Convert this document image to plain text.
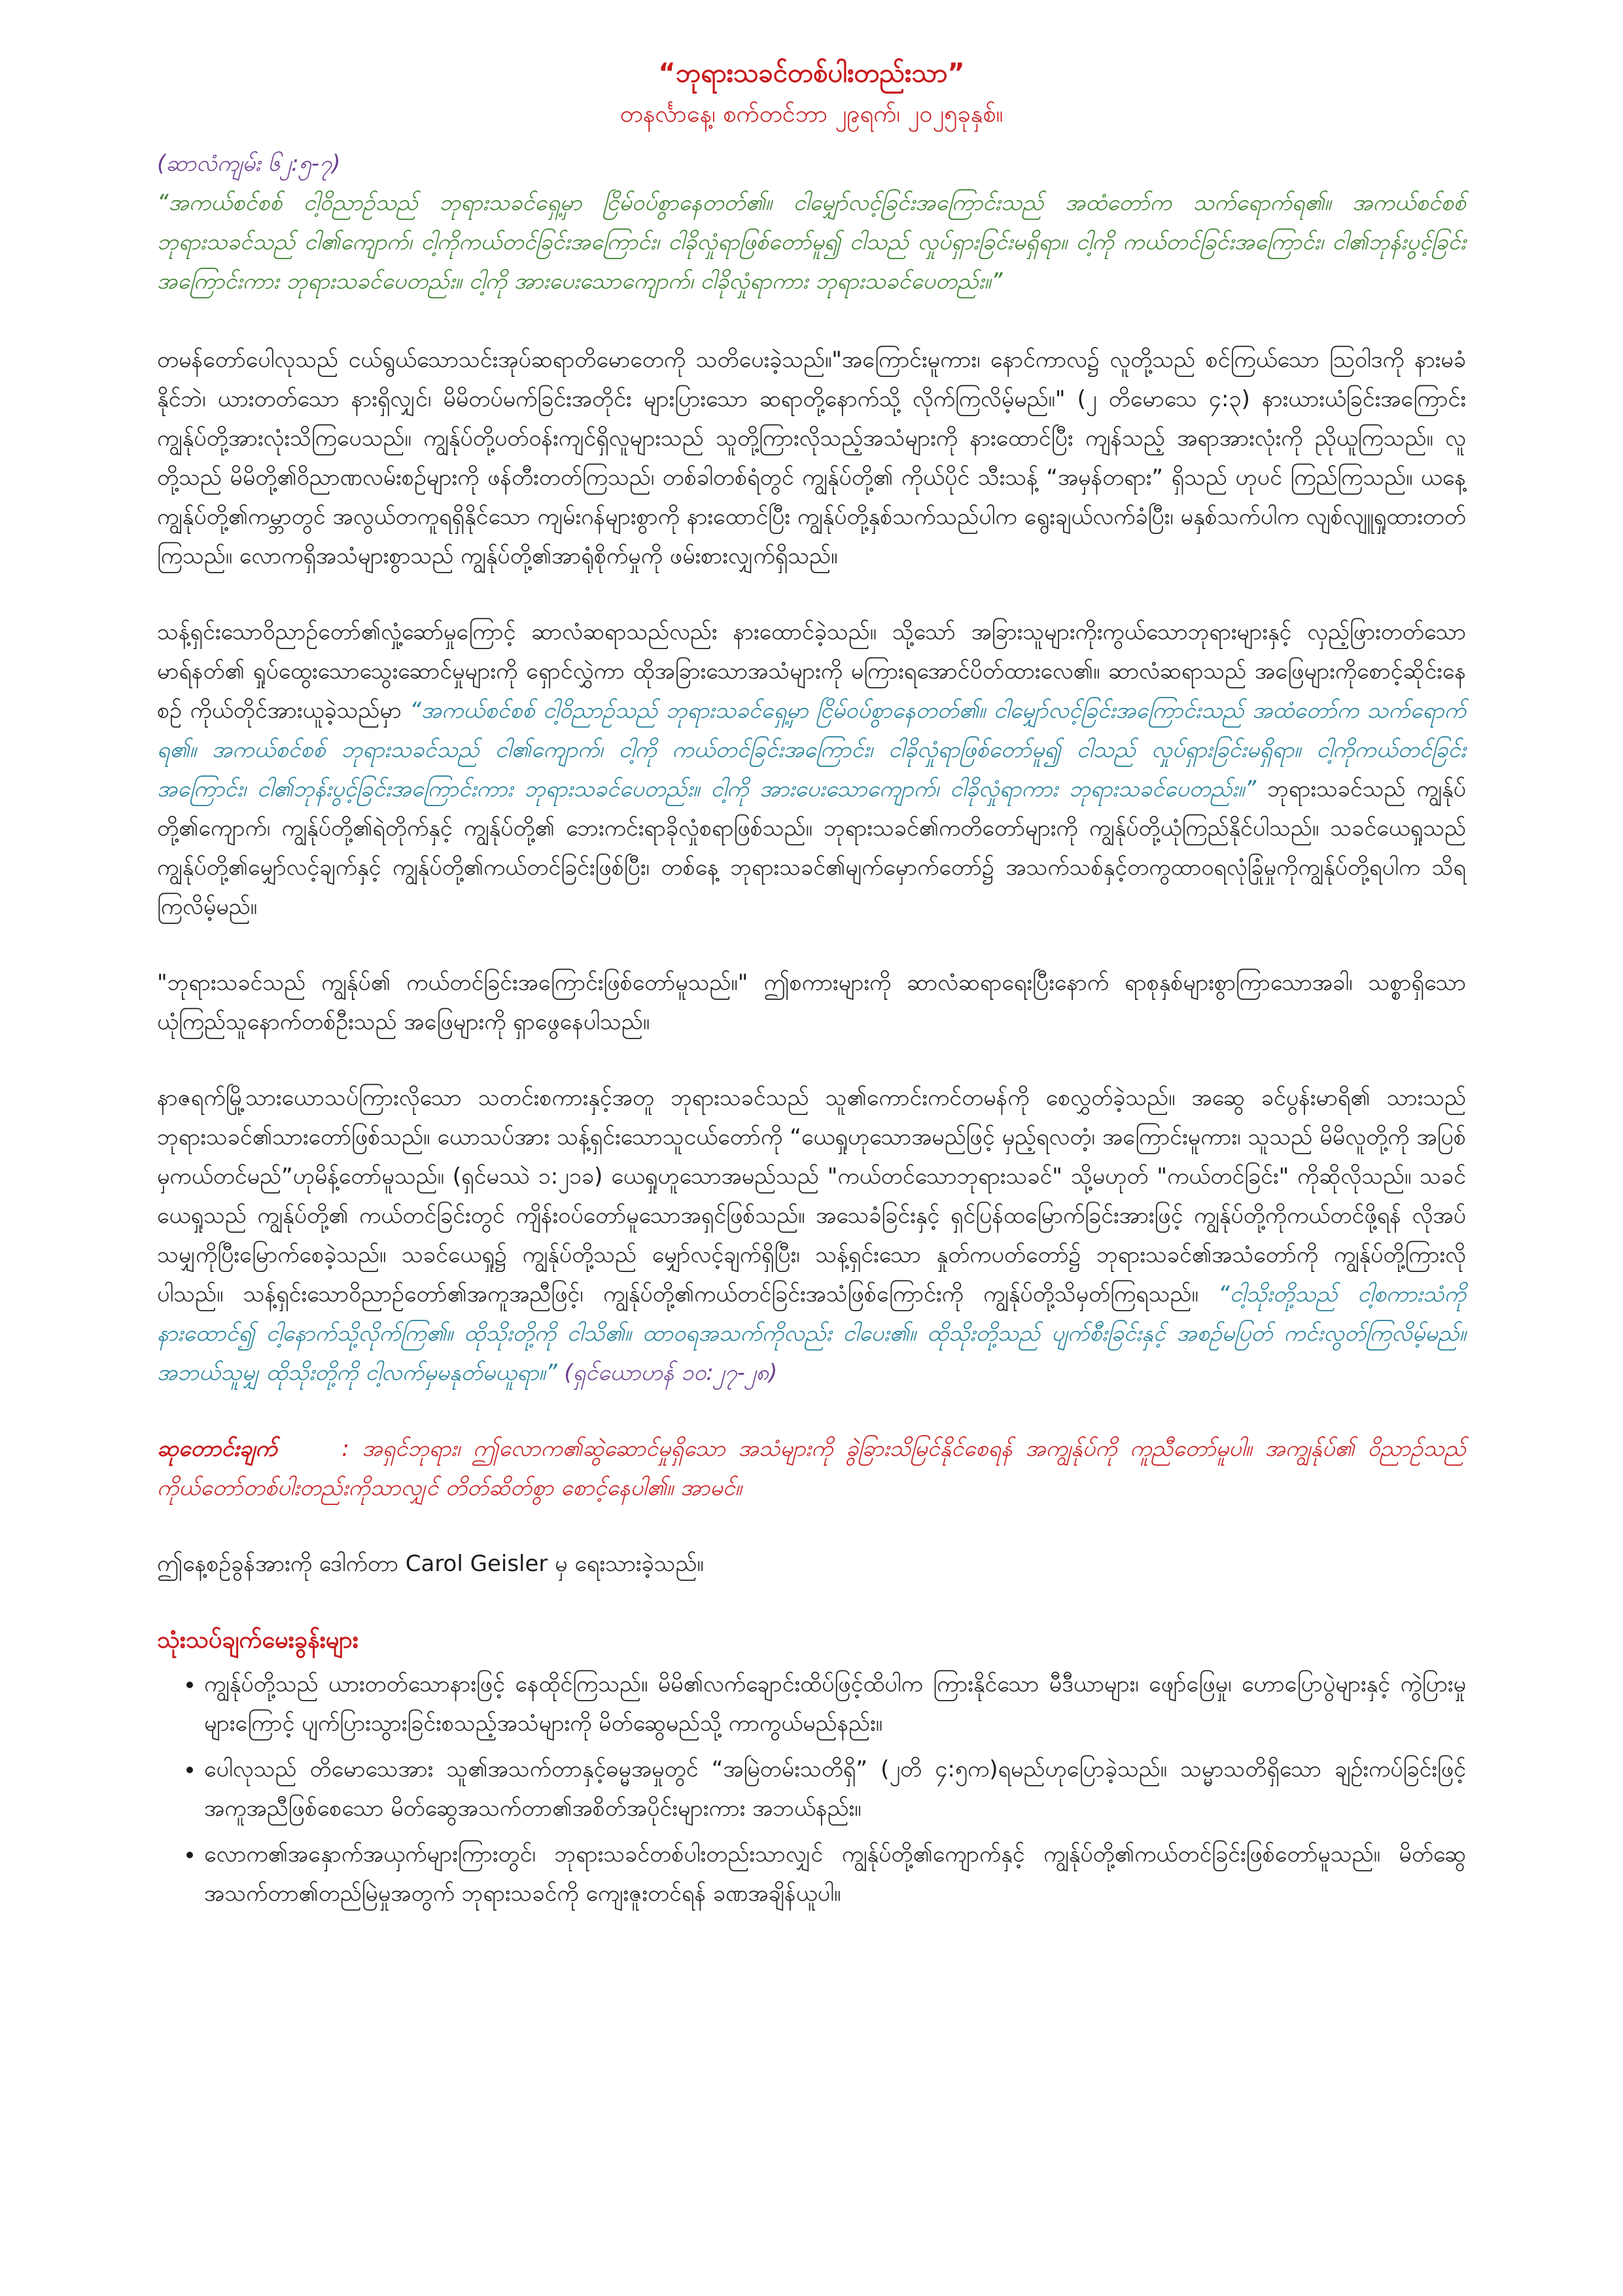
“ဘုရားသခင်တစ်ပါးတည်းသာ”
တနင်္လာနေ့၊ စက်တင်ဘာ ၂၉ရက်၊ ၂၀၂၅ခုနှစ်။

(ဆာလံကျမ်း ၆၂:၅-၇)
“အကယ်စင်စစ် ငါ့ဝိညာဉ်သည် ဘုရားသခင်ရှေ့မှာ ငြိမ်ဝပ်စွာနေတတ်၏။ ငါမျှော်လင့်ခြင်းအကြောင်းသည် အထံတော်က သက်ရောက်ရ၏။ အကယ်စင်စစ် ဘုရားသခင်သည် ငါ၏ကျောက်၊ ငါ့ကိုကယ်တင်ခြင်းအကြောင်း၊ ငါခိုလှုံရာဖြစ်တော်မူ၍ ငါသည် လှုပ်ရှားခြင်းမရှိရာ။ ငါ့ကို ကယ်တင်ခြင်းအကြောင်း၊ ငါ၏ဘုန်းပွင့်ခြင်းအကြောင်းကား ဘုရားသခင်ပေတည်း။ ငါ့ကို အားပေးသောကျောက်၊ ငါခိုလှုံရာကား ဘုရားသခင်ပေတည်း။”

တမန်တော်ပေါလုသည် ငယ်ရွယ်သောသင်းအုပ်ဆရာတိမောတေကို သတိပေးခဲ့သည်။"အကြောင်းမူကား၊ နောင်ကာလ၌ လူတို့သည် စင်ကြယ်သော ဩဝါဒကို နားမခံနိုင်ဘဲ၊ ယားတတ်သော နားရှိလျှင်၊ မိမိတပ်မက်ခြင်းအတိုင်း များပြားသော ဆရာတို့နောက်သို့ လိုက်ကြလိမ့်မည်။" (၂ တိမောသေ ၄:၃) နားယားယံခြင်းအကြောင်း ကျွန်ုပ်တို့အားလုံးသိကြပေသည်။ ကျွန်ုပ်တို့ပတ်ဝန်းကျင်ရှိလူများသည် သူတို့ကြားလိုသည့်အသံများကို နားထောင်ပြီး ကျန်သည့် အရာအားလုံးကို ညိုယူကြသည်။ လူတို့သည် မိမိတို့၏ဝိညာဏလမ်းစဉ်များကို ဖန်တီးတတ်ကြသည်၊ တစ်ခါတစ်ရံတွင် ကျွန်ုပ်တို့၏ ကိုယ်ပိုင် သီးသန့် “အမှန်တရား” ရှိသည် ဟုပင် ကြည်ကြသည်။ ယနေ့ကျွန်ုပ်တို့၏ကမ္ဘာတွင် အလွယ်တကူရရှိနိုင်သော ကျမ်းဂန်များစွာကို နားထောင်ပြီး ကျွန်ုပ်တို့နှစ်သက်သည်ပါက ရွေးချယ်လက်ခံပြီး၊ မနှစ်သက်ပါက လျစ်လျူရှုထားတတ်ကြသည်။ လောကရှိအသံများစွာသည် ကျွန်ုပ်တို့၏အာရုံစိုက်မှုကို ဖမ်းစားလျှက်ရှိသည်။

သန့်ရှင်းသောဝိညာဉ်တော်၏လှုံ့ဆော်မှုကြောင့် ဆာလံဆရာသည်လည်း နားထောင်ခဲ့သည်။ သို့သော် အခြားသူများကိုးကွယ်သောဘုရားများနှင့် လှည့်ဖြားတတ်သောမာရ်နတ်၏ ရှုပ်ထွေးသောသွေးဆောင်မှုများကို ရှောင်လွှဲကာ ထိုအခြားသောအသံများကို မကြားရအောင်ပိတ်ထားလေ၏။ ဆာလံဆရာသည် အဖြေများကိုစောင့်ဆိုင်းနေစဉ် ကိုယ်တိုင်အားယူခဲ့သည်မှာ “အကယ်စင်စစ် ငါ့ဝိညာဉ်သည် ဘုရားသခင်ရှေ့မှာ ငြိမ်ဝပ်စွာနေတတ်၏။ ငါမျှော်လင့်ခြင်းအကြောင်းသည် အထံတော်က သက်ရောက်ရ၏။ အကယ်စင်စစ် ဘုရားသခင်သည် ငါ၏ကျောက်၊ ငါ့ကို ကယ်တင်ခြင်းအကြောင်း၊ ငါခိုလှုံရာဖြစ်တော်မူ၍ ငါသည် လှုပ်ရှားခြင်းမရှိရာ။ ငါ့ကိုကယ်တင်ခြင်းအကြောင်း၊ ငါ၏ဘုန်းပွင့်ခြင်းအကြောင်းကား ဘုရားသခင်ပေတည်း။ ငါ့ကို အားပေးသောကျောက်၊ ငါခိုလှုံရာကား ဘုရားသခင်ပေတည်း။” ဘုရားသခင်သည် ကျွန်ုပ်တို့၏ကျောက်၊ ကျွန်ုပ်တို့၏ရဲတိုက်နှင့် ကျွန်ုပ်တို့၏ ဘေးကင်းရာခိုလှုံစရာဖြစ်သည်။ ဘုရားသခင်၏ကတိတော်များကို ကျွန်ုပ်တို့ယုံကြည်နိုင်ပါသည်။ သခင်ယေရှုသည် ကျွန်ုပ်တို့၏မျှော်လင့်ချက်နှင့် ကျွန်ုပ်တို့၏ကယ်တင်ခြင်းဖြစ်ပြီး၊ တစ်နေ့ ဘုရားသခင်၏မျက်မှောက်တော်၌ အသက်သစ်နှင့်တကွထာဝရလုံခြုံမှုကိုကျွန်ုပ်တို့ရပါက သိရကြလိမ့်မည်။

"ဘုရားသခင်သည် ကျွန်ုပ်၏ ကယ်တင်ခြင်းအကြောင်းဖြစ်တော်မူသည်။" ဤစကားများကို ဆာလံဆရာရေးပြီးနောက် ရာစုနှစ်များစွာကြာသောအခါ၊ သစ္စာရှိသောယုံကြည်သူနောက်တစ်ဦးသည် အဖြေများကို ရှာဖွေနေပါသည်။

နာဇရက်မြို့သားယောသပ်ကြားလိုသော သတင်းစကားနှင့်အတူ ဘုရားသခင်သည် သူ၏ကောင်းကင်တမန်ကို စေလွှတ်ခဲ့သည်။ အဆွေ ခင်ပွန်းမာရိ၏ သားသည် ဘုရားသခင်၏သားတော်ဖြစ်သည်။ ယောသပ်အား သန့်ရှင်းသောသူငယ်တော်ကို “ယေရှုဟုသောအမည်ဖြင့် မှည့်ရလတံ့၊ အကြောင်းမူကား၊ သူသည် မိမိလူတို့ကို အပြစ်မှကယ်တင်မည်”ဟုမိန့်တော်မူသည်။ (ရှင်မဿဲ ၁:၂၁ခ) ယေရှုဟူသောအမည်သည် "ကယ်တင်သောဘုရားသခင်" သို့မဟုတ် "ကယ်တင်ခြင်း" ကိုဆိုလိုသည်။ သခင်ယေရှုသည် ကျွန်ုပ်တို့၏ ကယ်တင်ခြင်းတွင် ကျိန်းဝပ်တော်မူသောအရှင်ဖြစ်သည်။ အသေခံခြင်းနှင့် ရှင်ပြန်ထမြောက်ခြင်းအားဖြင့် ကျွန်ုပ်တို့ကိုကယ်တင်ဖို့ရန် လိုအပ်သမျှကိုပြီးမြောက်စေခဲ့သည်။ သခင်ယေရှု၌ ကျွန်ုပ်တို့သည် မျှော်လင့်ချက်ရှိပြီး၊ သန့်ရှင်းသော နှုတ်ကပတ်တော်၌ ဘုရားသခင်၏အသံတော်ကို ကျွန်ုပ်တို့ကြားလိုပါသည်။ သန့်ရှင်းသောဝိညာဉ်တော်၏အကူအညီဖြင့်၊ ကျွန်ုပ်တို့၏ကယ်တင်ခြင်းအသံဖြစ်ကြောင်းကို ကျွန်ုပ်တို့သိမှတ်ကြရသည်။ “ငါ့သိုးတို့သည် ငါ့စကားသံကိုနားထောင်၍ ငါ့နောက်သို့လိုက်ကြ၏။ ထိုသိုးတို့ကို ငါသိ၏။ ထာဝရအသက်ကိုလည်း ငါပေး၏။ ထိုသိုးတို့သည် ပျက်စီးခြင်းနှင့် အစဉ်မပြတ် ကင်းလွတ်ကြလိမ့်မည်။ အဘယ်သူမျှ ထိုသိုးတို့ကို ငါ့လက်မှမနုတ်မယူရာ။” (ရှင်ယောဟန် ၁၀:၂၇-၂၈)

ဆုတောင်းချက်	: အရှင်ဘုရား၊ ဤလောက၏ဆွဲဆောင်မှုရှိသော အသံများကို ခွဲခြားသိမြင်နိုင်စေရန် အကျွန်ုပ်ကို ကူညီတော်မူပါ။ အကျွန်ုပ်၏ ဝိညာဉ်သည် ကိုယ်တော်တစ်ပါးတည်းကိုသာလျှင် တိတ်ဆိတ်စွာ စောင့်နေပါ၏။ အာမင်။

ဤနေ့စဉ်ခွန်အားကို ဒေါက်တာ Carol Geisler မှ ရေးသားခဲ့သည်။

သုံးသပ်ချက်မေးခွန်းများ
• ကျွန်ုပ်တို့သည် ယားတတ်သောနားဖြင့် နေထိုင်ကြသည်။ မိမိ၏လက်ချောင်းထိပ်ဖြင့်ထိပါက ကြားနိုင်သော မီဒီယာများ၊ ဖျော်ဖြေမှု၊ ဟောပြောပွဲများနှင့် ကွဲပြားမှုများကြောင့် ပျက်ပြားသွားခြင်းစသည့်အသံများကို မိတ်ဆွေမည်သို့ ကာကွယ်မည်နည်း။
• ပေါလုသည် တိမောသေအား သူ၏အသက်တာနှင့်ဓမ္မအမှုတွင် “အမြဲတမ်းသတိရှိ” (၂တိ ၄:၅က)ရမည်ဟုပြောခဲ့သည်။ သမ္မာသတိရှိသော ချဉ်းကပ်ခြင်းဖြင့် အကူအညီဖြစ်စေသော မိတ်ဆွေအသက်တာ၏အစိတ်အပိုင်းများကား အဘယ်နည်း။
• လောက၏အနှောက်အယှက်များကြားတွင်၊ ဘုရားသခင်တစ်ပါးတည်းသာလျှင် ကျွန်ုပ်တို့၏ကျောက်နှင့် ကျွန်ုပ်တို့၏ကယ်တင်ခြင်းဖြစ်တော်မူသည်။ မိတ်ဆွေအသက်တာ၏တည်မြဲမှုအတွက် ဘုရားသခင်ကို ကျေးဇူးတင်ရန် ခဏအချိန်ယူပါ။
